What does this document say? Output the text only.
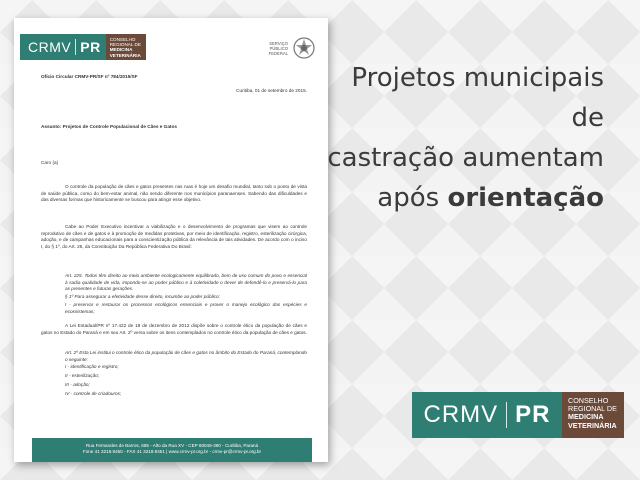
CRMV PR	CONSELHO
REGIONAL DE
MEDICINA
VETERINÁRIA
SERVIÇO
PÚBLICO
FEDERAL

Ofício Circular CRMV-PR/SF nº 784/2015/SF

Curitiba, 01 de setembro de 2015.

Assunto: Projetos de Controle Populacional de Cães e Gatos

Caro (a)

O controle da população de cães e gatos presentes nas ruas é hoje um desafio mundial, tanto sob o ponto de vista de saúde pública, como do bem-estar animal, não sendo diferente nos municípios paranaenses. Sabendo das dificuldades e das diversas formas que historicamente se buscou para atingir esse objetivo.

Cabe ao Poder Executivo incentivar a viabilização e o desenvolvimento de programas que visem ao controle reprodutivo de cães e de gatos e à promoção de medidas protetivas, por meio de identificação, registro, esterilização cirúrgica, adoção, e de campanhas educacionais para a conscientização pública da relevância de tais atividades. De acordo com o inciso I, do § 1º, do Art. 25, da Constituição Da República Federativa Do Brasil:

Art. 225. Todos têm direito ao meio ambiente ecologicamente equilibrado, bem de uso comum do povo e essencial à sadia qualidade de vida, impondo-se ao poder público e à coletividade o dever de defendê-lo e preservá-lo para as presentes e futuras gerações.

§ 1º Para assegurar a efetividade desse direito, incumbe ao poder público:

I - preservar e restaurar os processos ecológicos essenciais e prover o manejo ecológico das espécies e ecossistemas;

A Lei Estadual/PR nº 17.422 de 18 de dezembro de 2012 dispõe sobre o controle ético da população de cães e gatos no Estado do Paraná e em seu Art. 2º versa sobre os itens contemplados no controle ético da população de cães e gatos.

Art. 2º Esta Lei institui o controle ético da população de cães e gatos no âmbito do Estado do Paraná, contemplando o seguinte:

I - identificação e registro;

II - esterilização;

III - adoção;

IV - controle de criadouros;

Rua Fernandes de Barros, 685 - Alto da Rua XV - CEP 80045-390 - Curitiba, Paraná
Fone 41 3218.9450 - FAX 41 3218.9451 | www.crmv-pr.org.br - crmv-pr@crmv-pr.org.br
Projetos municipais de
castração aumentam
após orientação
CRMV PR
CONSELHO
REGIONAL DE
MEDICINA
VETERINÁRIA
